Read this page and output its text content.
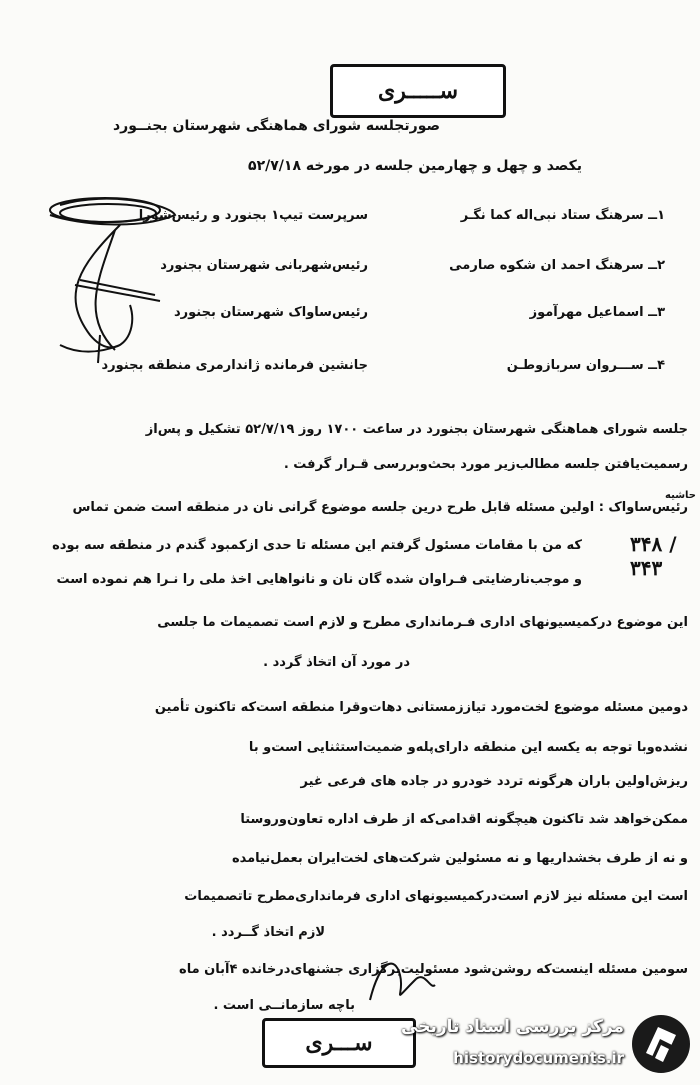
ســـــری
صورتجلسه شورای هماهنگی شهرستان بجنــورد
یکصد و چهل و چهارمین جلسه در مورخه ۵۲/۷/۱۸
۱ــ سرهنگ ستاد نبی‌اله کما نگـر
سرپرست تیپ۱ بجنورد و رئیس‌شورا
۲ــ سرهنگ احمد ان شکوه صارمی
رئیس‌شهربانی شهرستان بجنورد
۳ــ اسماعیل مهرآموز
رئیس‌ساواک شهرستان بجنورد
۴ــ ســـروان سربازوطـن
جانشین فرمانده ژاندارمری منطقه بجنورد
جلسه شورای هماهنگی شهرستان بجنورد در ساعت ۱۷۰۰ روز ۵۲/۷/۱۹ تشکیل و پس‌از
رسمیت‌یافتن جلسه مطالب‌زیر مورد بحث‌وبررسی قـرار گرفت .
رئیس‌ساواک : اولین مسئله قابل طرح درین جلسه موضوع گرانی نان در منطقه است ضمن تماس
که من با مقامات مسئول گرفتم این مسئله تا حدی ازکمبود گندم در منطقه سه بوده
و موجب‌نارضایتی فـراوان شده گان نان و نانواهایی اخذ ملی را نـرا هم نموده است
این موضوع درکمیسیونهای اداری فـرمانداری مطرح و لازم است تصمیمات ما جلسی
در مورد آن اتخاذ گردد .
دومین مسئله موضوع لخت‌مورد تیاززمستانی دهات‌وقرا منطقه است‌که تاکنون تأمین
نشده‌وبا توجه به یکسه این منطقه دارای‌پله‌و ضمیت‌استثنایی است‌و با
ریزش‌اولین باران هرگونه تردد خودرو در جاده های فرعی غیر
ممکن‌خواهد شد تاکنون هیچگونه اقدامی‌که از طرف اداره تعاون‌وروستا
و نه از طرف بخشداریها و نه مسئولین شرکت‌های لخت‌ایران بعمل‌نیامده
است این مسئله نیز لازم است‌درکمیسیونهای اداری فرمانداری‌مطرح تاتصمیمات
لازم اتخاذ گــردد .
سومین مسئله اینست‌که روشن‌شود مسئولیت‌برگزاری جشنهای‌درخانده ۴آبان ماه
باچه سازمانــی است .
حاشیه
۳۴۸ / ۳۴۳
ســـری
مرکز بررسی اسناد تاریخی
historydocuments.ir
